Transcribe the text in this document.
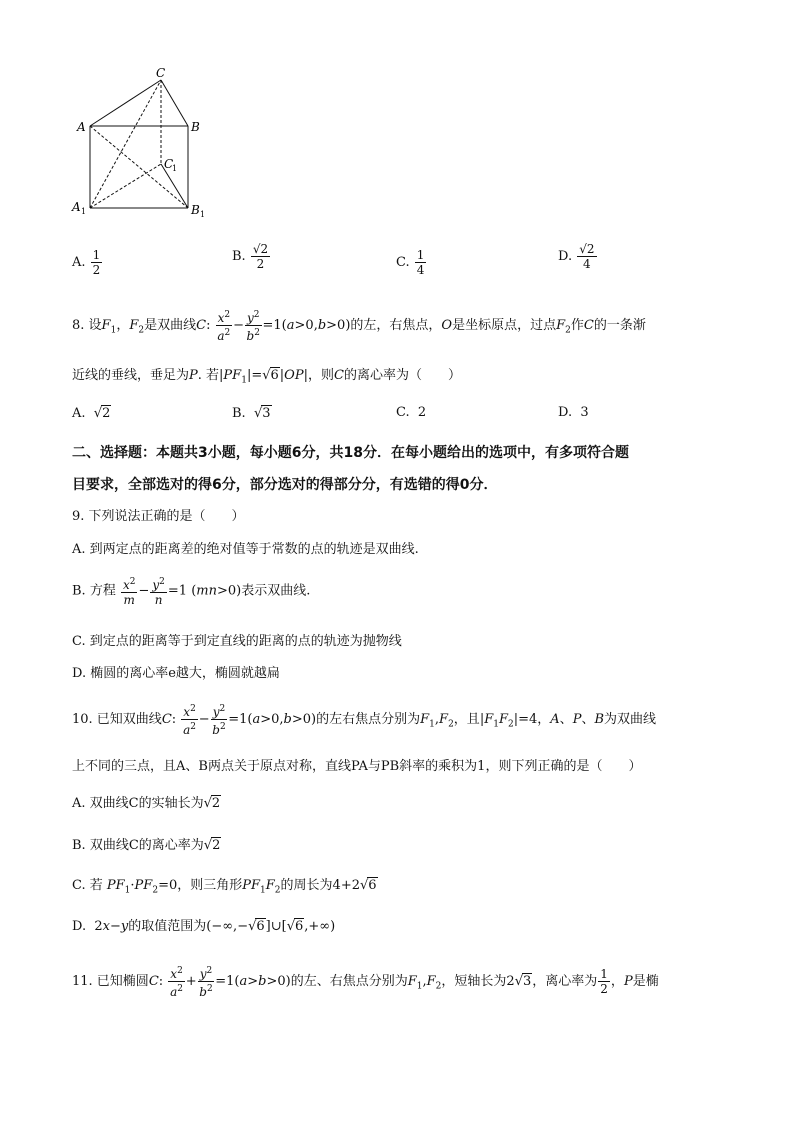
C
A	B
C
1
A 1	B 1
A. $\frac{1}{2}$	B. $\frac{√2}{2}$	C. $\frac{1}{4}$	D. $\frac{√2}{4}$
8. 设$F_1$，$F_2$是双曲线C: $\frac{x^2}{a^2} - \frac{y^2}{b^2} =1(a>0,b>0)$的左，右焦点，O是坐标原点，过点$F_2$作C的一条渐
近线的垂线，垂足为P. 若$|PF_1|=√6|OP|$，则C的离心率为（　　）
A.  √2	B.  √3	C. 2	D. 3
二、选择题：本题共3小题，每小题6分，共18分．在每小题给出的选项中，有多项符合题
目要求，全部选对的得6分，部分选对的得部分分，有选错的得0分．
9. 下列说法正确的是（　　）
A. 到两定点的距离差的绝对值等于常数的点的轨迹是双曲线.
B. 方程 $\frac{x^2}{m} - \frac{y^2}{n} =1$ (mn>0)表示双曲线.
C. 到定点的距离等于到定直线的距离的点的轨迹为抛物线
D. 椭圆的离心率e越大，椭圆就越扁
10. 已知双曲线C: $\frac{x^2}{a^2} - \frac{y^2}{b^2} =1(a>0,b>0)$的左右焦点分别为$F_1,F_2$，且$|F_1F_2|=4$，A、P、B为双曲线
上不同的三点，且A、B两点关于原点对称，直线PA与PB斜率的乘积为1，则下列正确的是（　　）
A. 双曲线C的实轴长为√2
B. 双曲线C的离心率为√2
C. 若 $PF_1\cdot PF_2=0$，则三角形$PF_1F_2$的周长为4+2√6
D.  2x−y的取值范围为(−∞,−√6]∪[√6,+∞)
11. 已知椭圆C: $\frac{x^2}{a^2} + \frac{y^2}{b^2} =1(a>b>0)$的左、右焦点分别为$F_1,F_2$，短轴长为2√3，离心率为 $\frac{1}{2}$ ，P是椭
